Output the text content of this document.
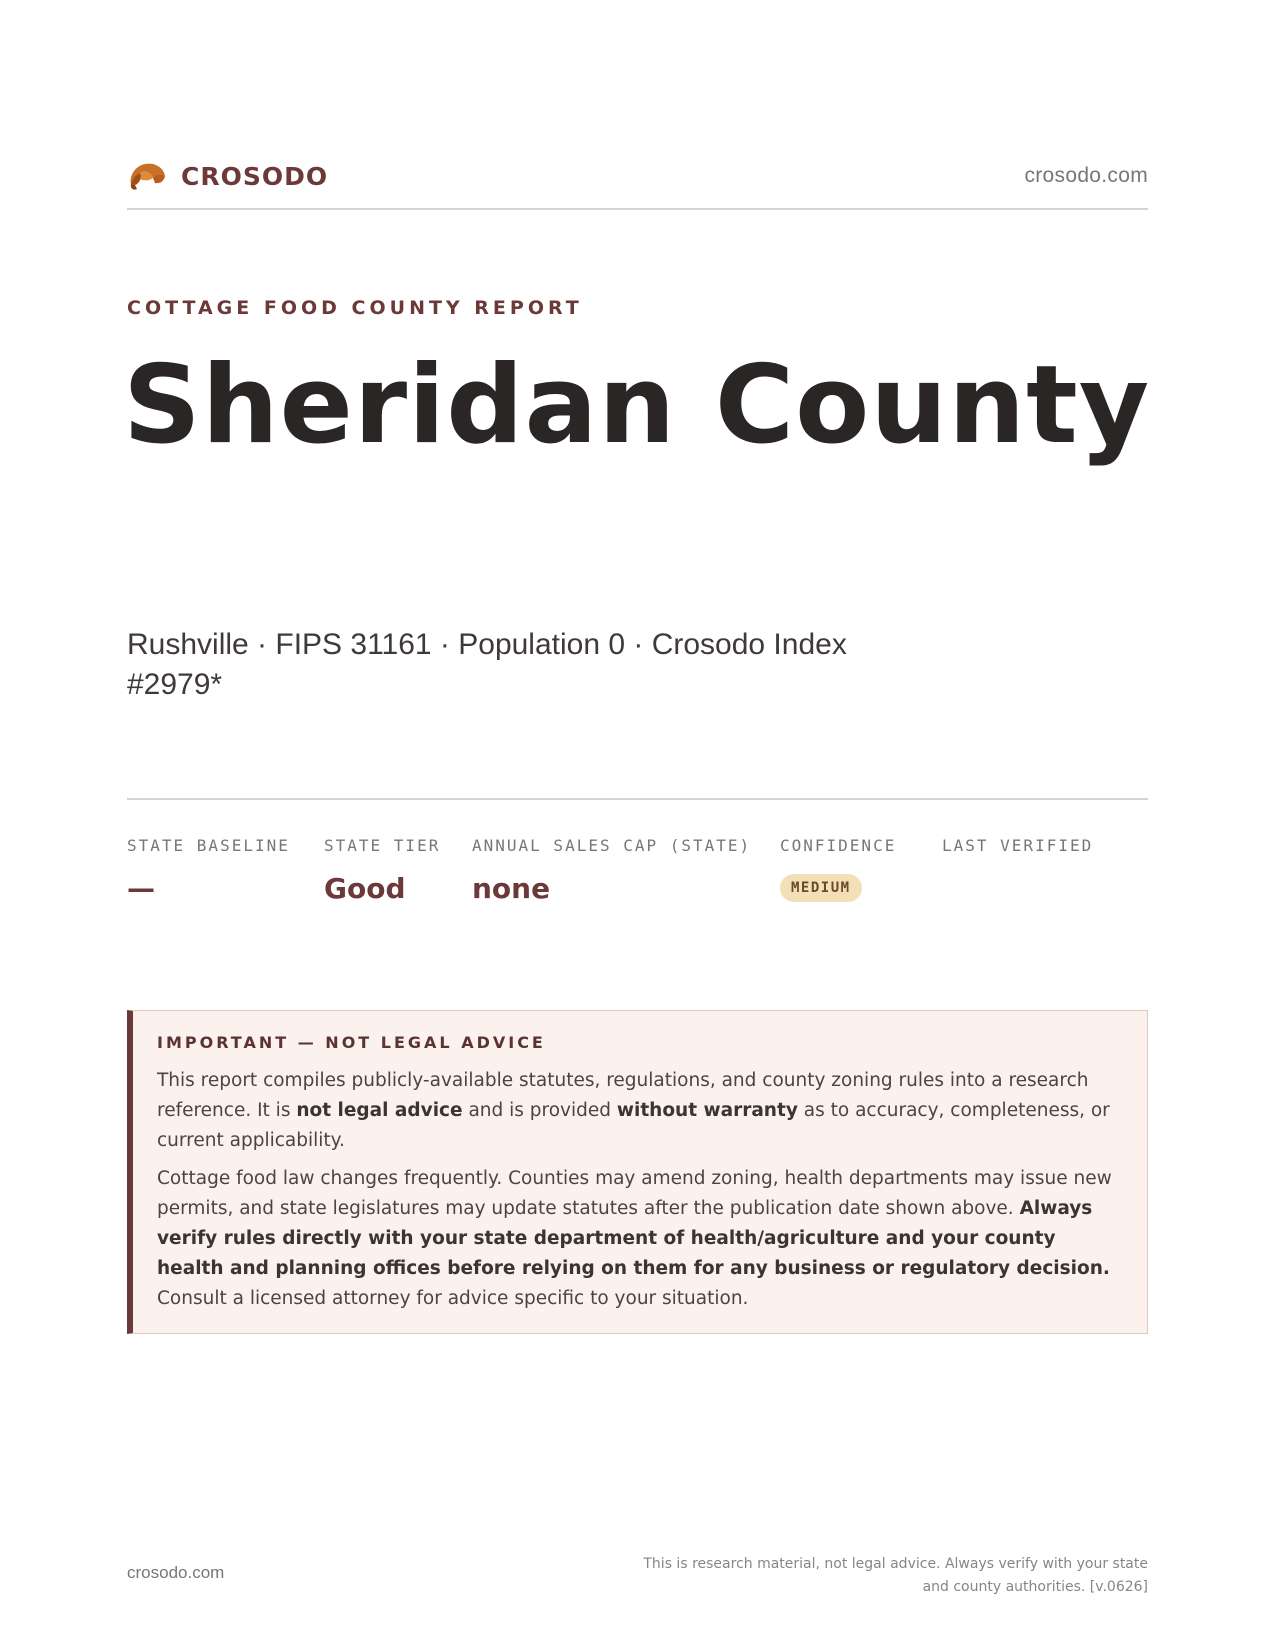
CROSODO	crosodo.com
COTTAGE FOOD COUNTY REPORT
Sheridan County
Rushville · FIPS 31161 · Population 0 · Crosodo Index #2979*
STATE BASELINE
—
STATE TIER
Good
ANNUAL SALES CAP (STATE)
none
CONFIDENCE
MEDIUM
LAST VERIFIED
IMPORTANT — NOT LEGAL ADVICE

This report compiles publicly-available statutes, regulations, and county zoning rules into a research reference. It is not legal advice and is provided without warranty as to accuracy, completeness, or current applicability.

Cottage food law changes frequently. Counties may amend zoning, health departments may issue new permits, and state legislatures may update statutes after the publication date shown above. Always verify rules directly with your state department of health/agriculture and your county health and planning offices before relying on them for any business or regulatory decision. Consult a licensed attorney for advice specific to your situation.

crosodo.com	This is research material, not legal advice. Always verify with your state
and county authorities. [v.0626]
